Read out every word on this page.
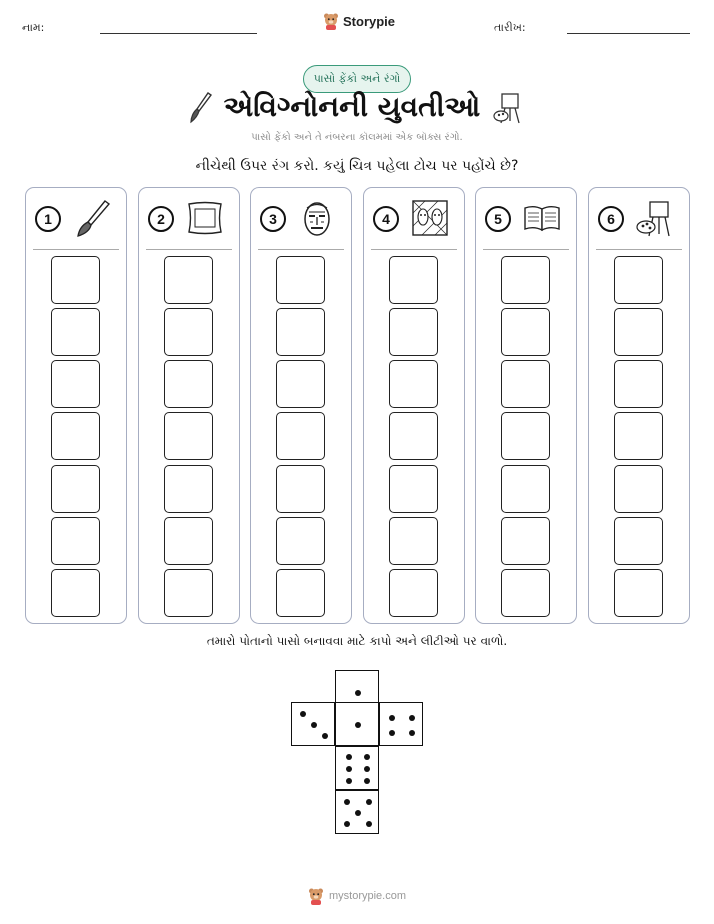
નામ:	Storypie	તારીખ:
પાસો ફેંકો અને રંગો
એવિગ્નોનની યુવતીઓ
પાસો ફેંકો અને તે નંબરના કૉલમમાં એક બૉક્સ રંગો.
નીચેથી ઉપર રંગ કરો. કયું ચિત્ર પહેલા ટોચ પર પહોંચે છે?
1	2	3	4	5	6
તમારો પોતાનો પાસો બનાવવા માટે કાપો અને લીટીઓ પર વાળો.
mystorypie.com
